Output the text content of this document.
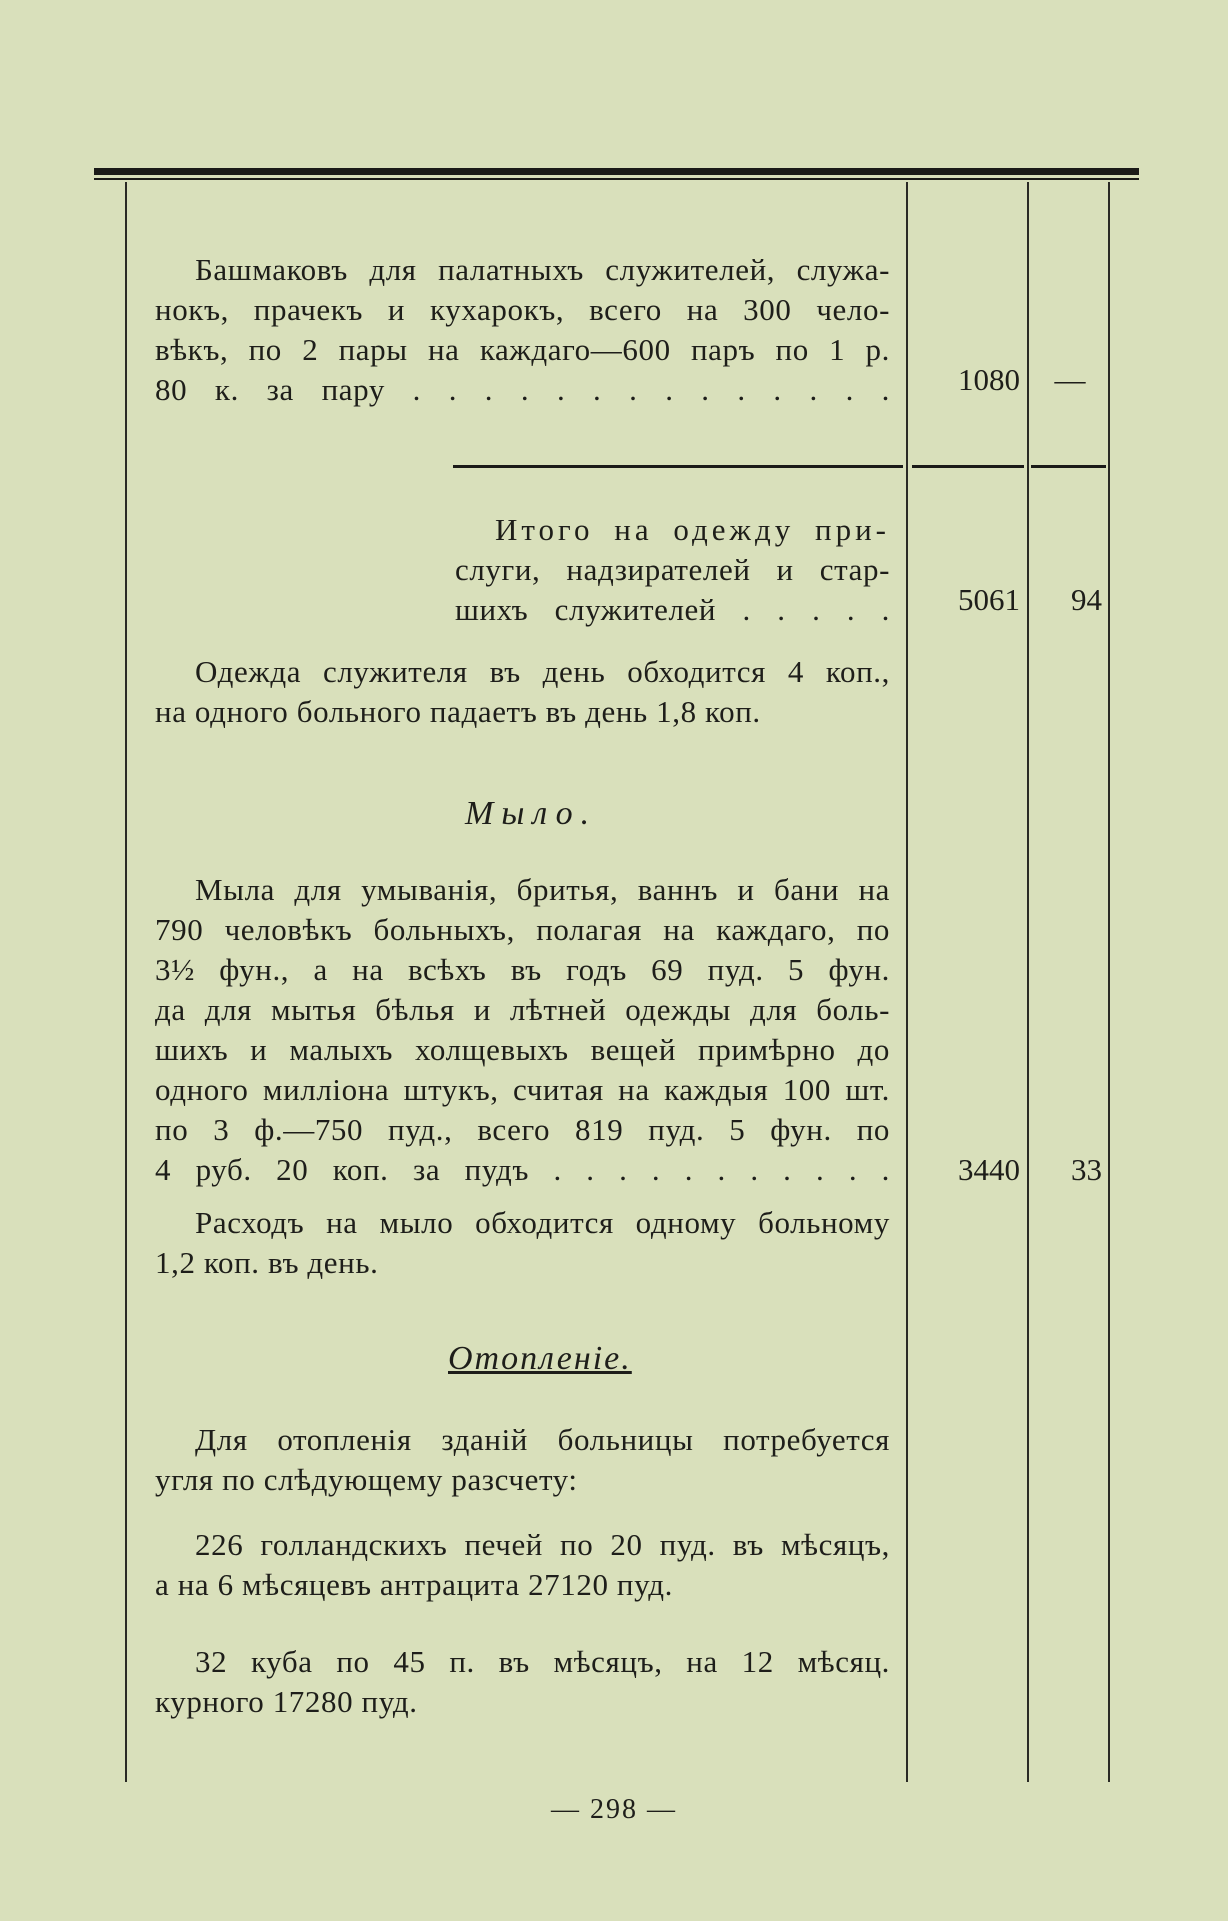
Башмаковъ для палатныхъ служителей, служа-
нокъ, прачекъ и кухарокъ, всего на 300 чело-
вѣкъ, по 2 пары на каждаго—600 паръ по 1 р.
80 к. за пару . . . . . . . . . . . . . .	1080	—
Итого на одежду при-
слуги, надзирателей и стар-
шихъ служителей . . . . .	5061	94
Одежда служителя въ день обходится 4 коп.,
на одного больного падаетъ въ день 1,8 коп.
Мыло.
Мыла для умыванія, бритья, ваннъ и бани на
790 человѣкъ больныхъ, полагая на каждаго, по
3½ фун., а на всѣхъ въ годъ 69 пуд. 5 фун.
да для мытья бѣлья и лѣтней одежды для боль-
шихъ и малыхъ холщевыхъ вещей примѣрно до
одного милліона штукъ, считая на каждыя 100 шт.
по 3 ф.—750 пуд., всего 819 пуд. 5 фун. по
4 руб. 20 коп. за пудъ . . . . . . . . . . .	3440	33
Расходъ на мыло обходится одному больному
1,2 коп. въ день.
Отопленіе.
Для отопленія зданій больницы потребуется
угля по слѣдующему разсчету:
226 голландскихъ печей по 20 пуд. въ мѣсяцъ,
а на 6 мѣсяцевъ антрацита 27120 пуд.
32 куба по 45 п. въ мѣсяцъ, на 12 мѣсяц.
курного 17280 пуд.
— 298 —
